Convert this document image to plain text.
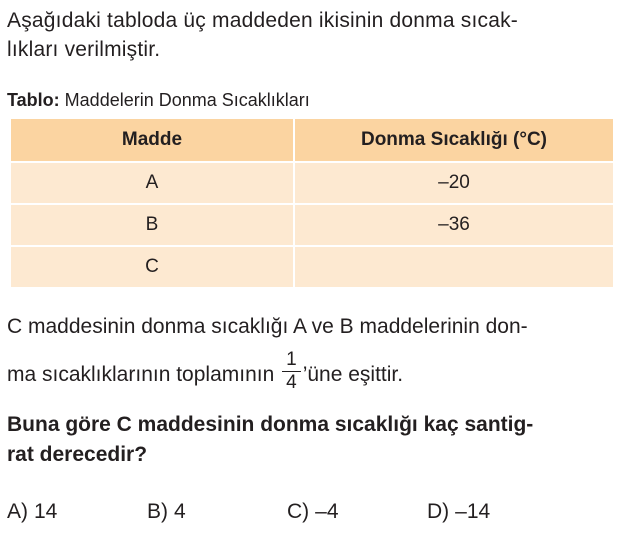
Aşağıdaki tabloda üç maddeden ikisinin donma sıcak-
lıkları verilmiştir.

Tablo: Maddelerin Donma Sıcaklıkları

Madde	Donma Sıcaklığı (°C)
A	–20
B	–36
C	

C maddesinin donma sıcaklığı A ve B maddelerinin don-

ma sıcaklıklarının toplamının $\frac{1}{4}$ ’üne eşittir.

Buna göre C maddesinin donma sıcaklığı kaç santig-
rat derecedir?

A) 14	B) 4	C) –4	D) –14
